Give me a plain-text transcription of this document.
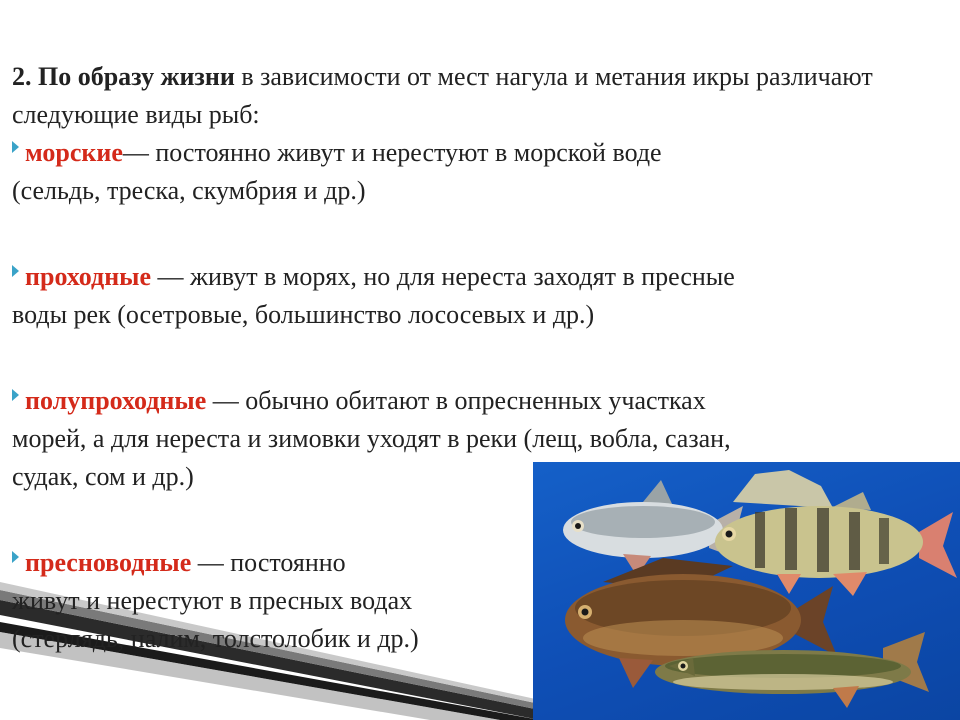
2. По образу жизни в зависимости от мест нагула и метания икры различают следующие виды рыб:

морские— постоянно живут и нерестуют в морской воде
(сельдь, треска, скумбрия и др.)
проходные — живут в морях, но для нереста заходят в пресные
воды рек (осетровые, большинство лососевых и др.)
полупроходные — обычно обитают в опресненных участках
морей, а для нереста и зимовки уходят в реки (лещ, вобла, сазан,
судак, сом и др.)
пресноводные — постоянно
живут и нерестуют в пресных водах
(стерлядь, налим, толстолобик и др.)
